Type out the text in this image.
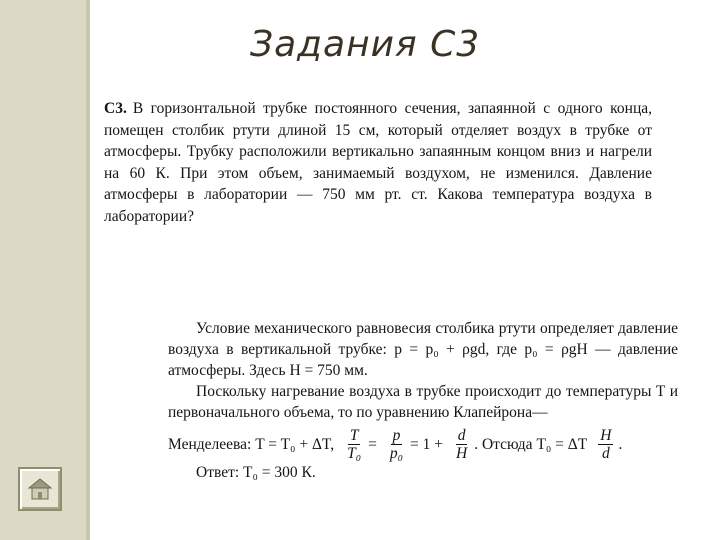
Задания С3
С3. В горизонтальной трубке постоянного сечения, запаянной с одного конца, помещен столбик ртути длиной 15 см, который отделяет воздух в трубке от атмосферы. Трубку расположили вертикально запаянным концом вниз и нагрели на 60 К. При этом объем, занимаемый воздухом, не изменился. Давление атмосферы в лаборатории — 750 мм рт. ст. Какова температура воздуха в лаборатории?

Условие механического равновесия столбика ртути определяет давление воздуха в вертикальной трубке: p = p₀ + ρgd, где p₀ = ρgH — давление атмосферы. Здесь H = 750 мм.

Поскольку нагревание воздуха в трубке происходит до температуры T и первоначального объема, то по уравнению Клапейрона—

Менделеева: T = T₀ + ΔT, $\frac{T}{\text{T₀}} = \frac{p}{\text{p₀}} = 1 + \frac{d}{H}$ . Отсюда T₀ = ΔT $\frac{H}{d}$ .

Ответ: T₀ = 300 К.
